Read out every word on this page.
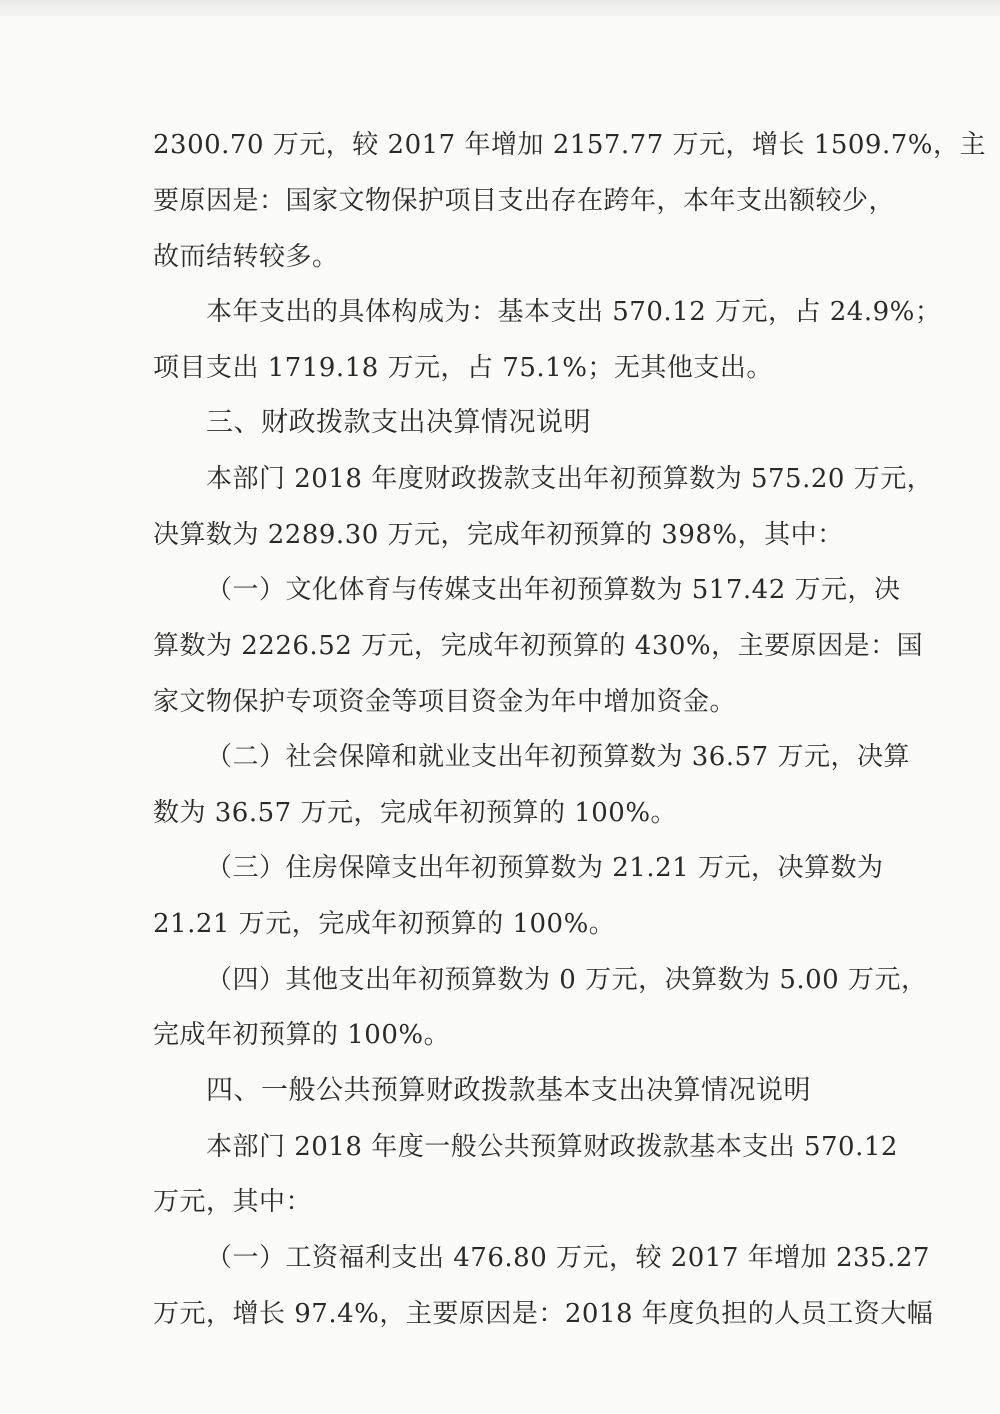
2300.70 万元，较 2017 年增加 2157.77 万元，增长 1509.7%，主
要原因是：国家文物保护项目支出存在跨年，本年支出额较少，
故而结转较多。
本年支出的具体构成为：基本支出 570.12 万元，占 24.9%；
项目支出 1719.18 万元，占 75.1%；无其他支出。
三、财政拨款支出决算情况说明
本部门 2018 年度财政拨款支出年初预算数为 575.20 万元，
决算数为 2289.30 万元，完成年初预算的 398%，其中：
（一）文化体育与传媒支出年初预算数为 517.42 万元，决
算数为 2226.52 万元，完成年初预算的 430%，主要原因是：国
家文物保护专项资金等项目资金为年中增加资金。
（二）社会保障和就业支出年初预算数为 36.57 万元，决算
数为 36.57 万元，完成年初预算的 100%。
（三）住房保障支出年初预算数为 21.21 万元，决算数为
21.21 万元，完成年初预算的 100%。
（四）其他支出年初预算数为 0 万元，决算数为 5.00 万元，
完成年初预算的 100%。
四、一般公共预算财政拨款基本支出决算情况说明
本部门 2018 年度一般公共预算财政拨款基本支出 570.12
万元，其中：
（一）工资福利支出 476.80 万元，较 2017 年增加 235.27
万元，增长 97.4%，主要原因是：2018 年度负担的人员工资大幅
